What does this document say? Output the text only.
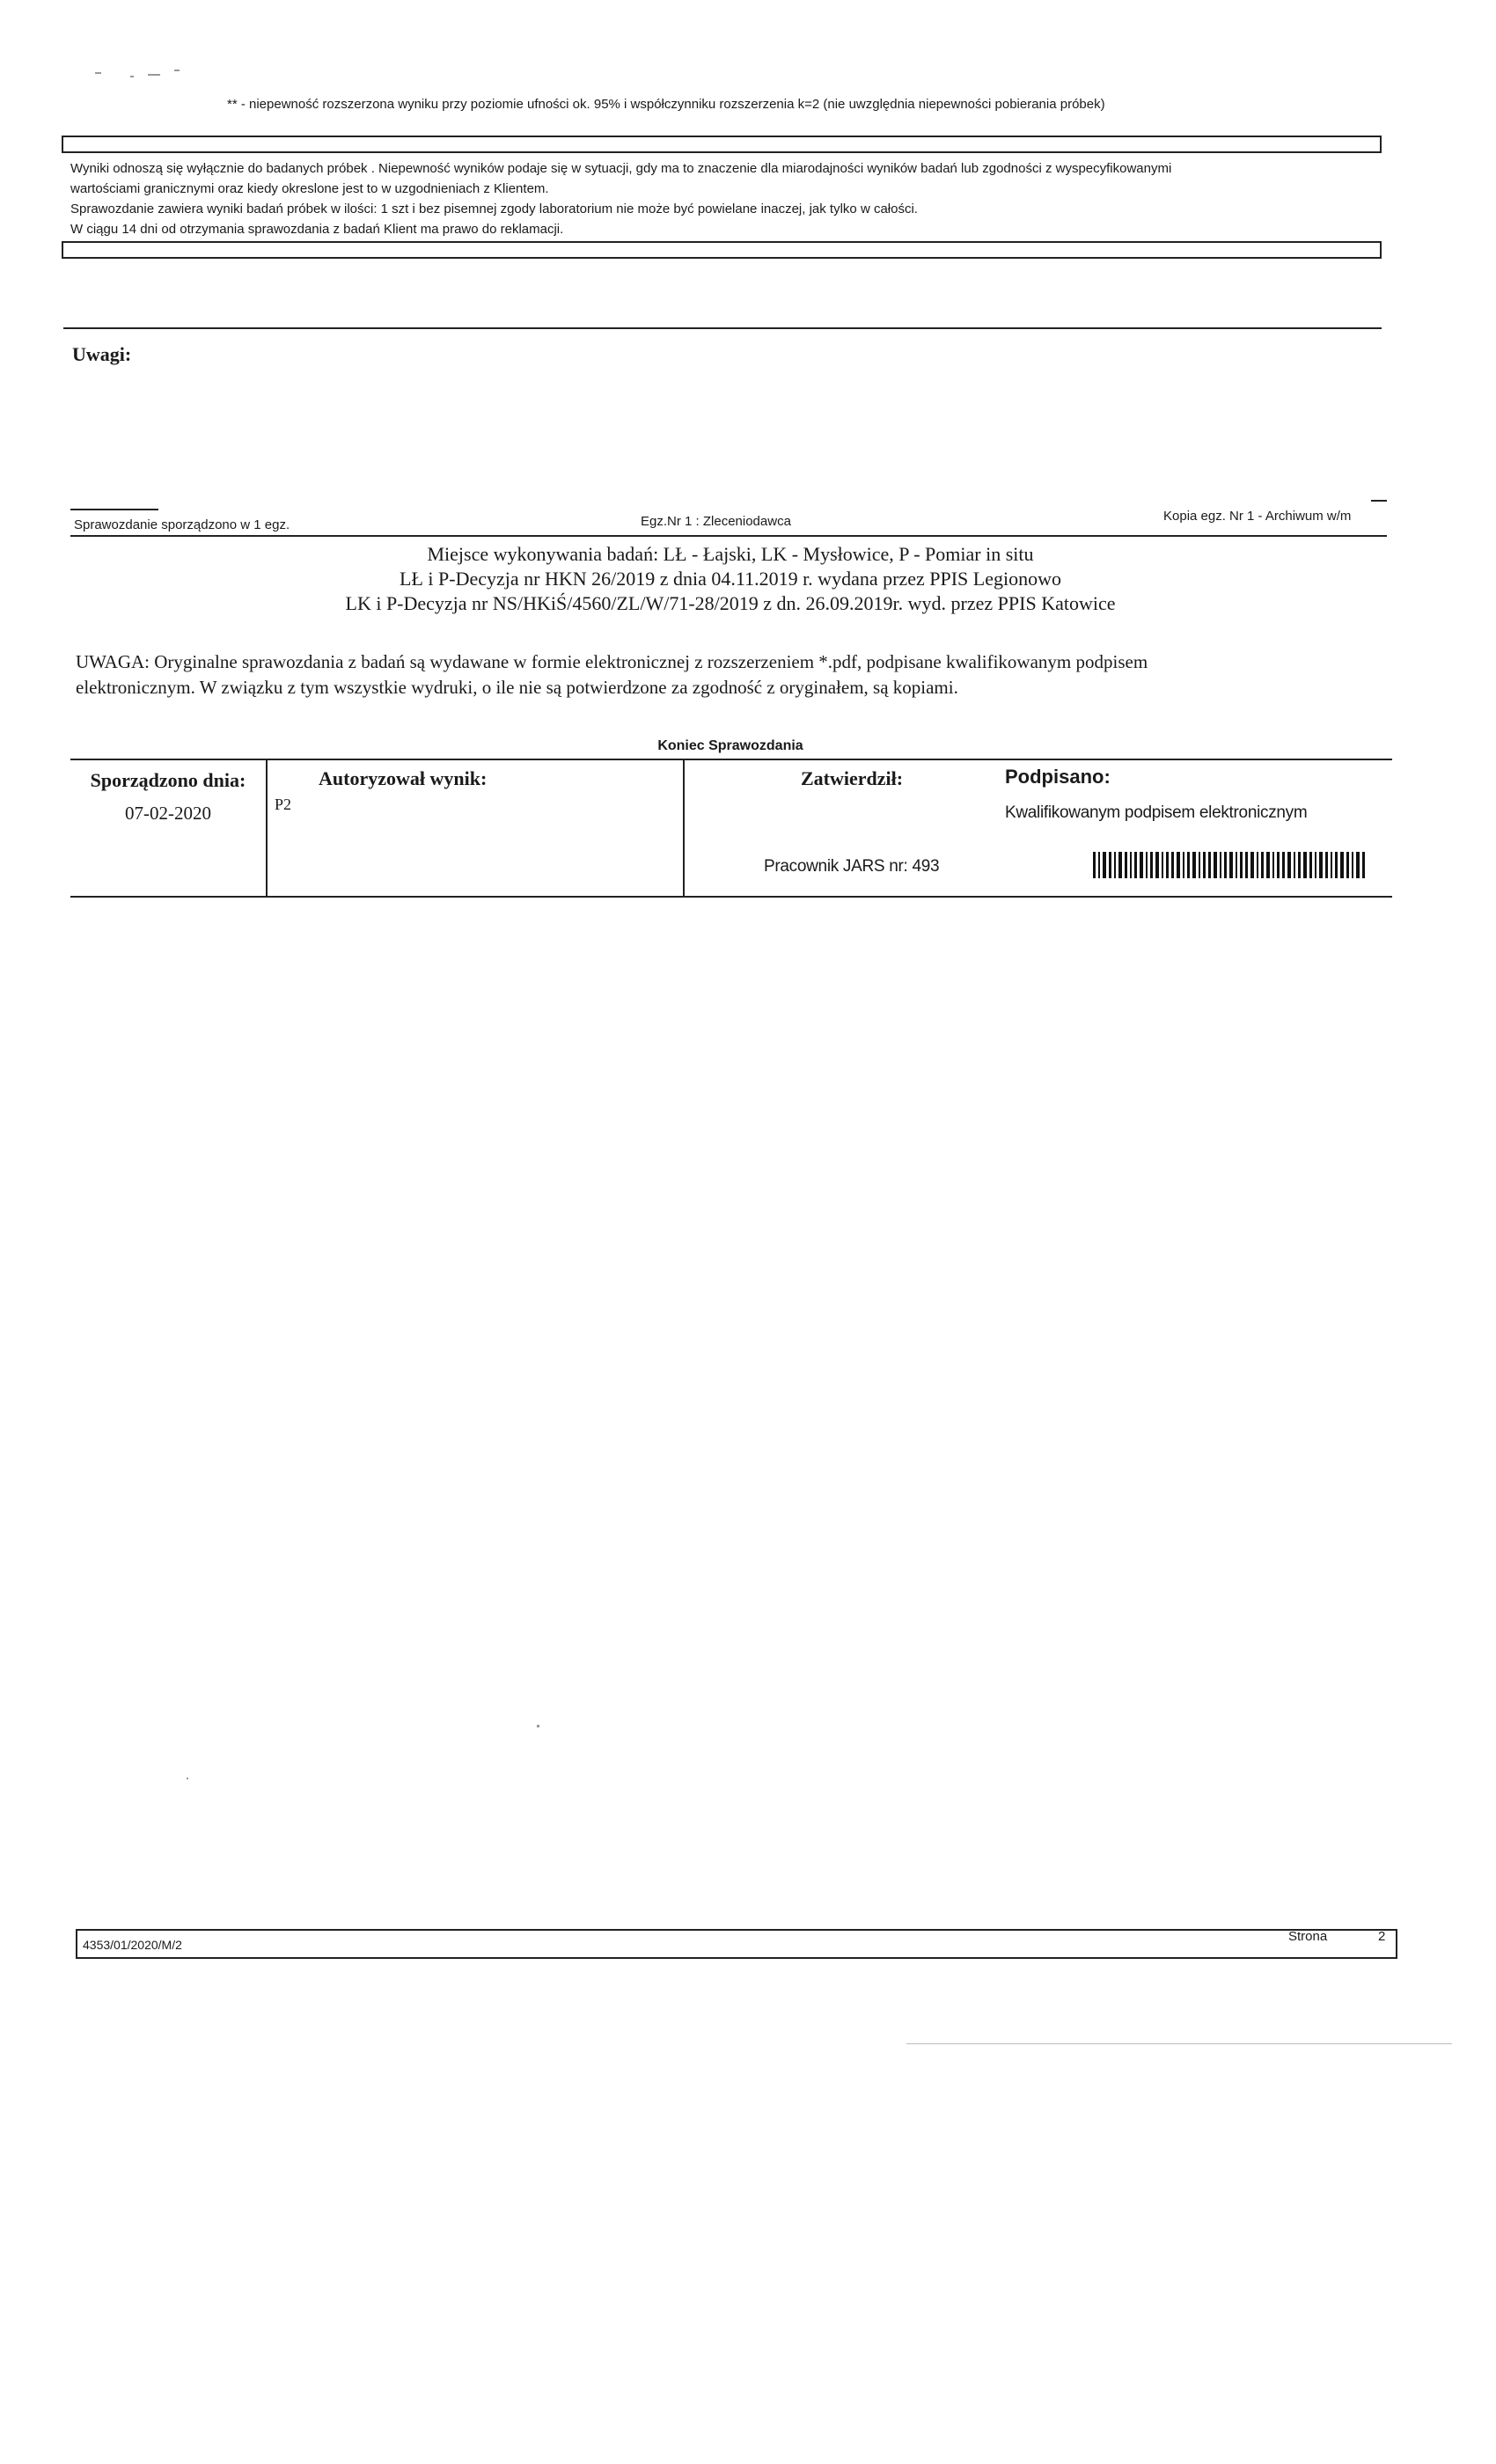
** - niepewność rozszerzona wyniku przy poziomie ufności ok. 95% i współczynniku rozszerzenia k=2 (nie uwzględnia niepewności pobierania próbek)

Wyniki odnoszą się wyłącznie do badanych próbek . Niepewność wyników podaje się w sytuacji, gdy ma to znaczenie dla miarodajności wyników badań lub zgodności z wyspecyfikowanymi

wartościami granicznymi oraz kiedy okreslone jest to w uzgodnieniach z Klientem.

Sprawozdanie zawiera wyniki badań próbek w ilości: 1 szt i bez pisemnej zgody laboratorium nie może być powielane inaczej, jak tylko w całości.

W ciągu 14 dni od otrzymania sprawozdania z badań Klient ma prawo do reklamacji.

Uwagi:
Sprawozdanie sporządzono w 1 egz.	Egz.Nr 1 : Zleceniodawca	Kopia egz. Nr 1 - Archiwum w/m
Miejsce wykonywania badań: LŁ - Łajski, LK - Mysłowice, P - Pomiar in situ
LŁ i P-Decyzja nr HKN 26/2019 z dnia 04.11.2019 r. wydana przez PPIS Legionowo
LK i P-Decyzja nr NS/HKiŚ/4560/ZL/W/71-28/2019 z dn. 26.09.2019r. wyd. przez PPIS Katowice
UWAGA: Oryginalne sprawozdania z badań są wydawane w formie elektronicznej z rozszerzeniem *.pdf, podpisane kwalifikowanym podpisem
elektronicznym. W związku z tym wszystkie wydruki, o ile nie są potwierdzone za zgodność z oryginałem, są kopiami.
Koniec Sprawozdania
Sporządzono dnia:
07-02-2020
Autoryzował wynik:
P2
Zatwierdził:
Pracownik JARS nr: 493
Podpisano:
Kwalifikowanym podpisem elektronicznym
4353/01/2020/M/2
Strona	2
